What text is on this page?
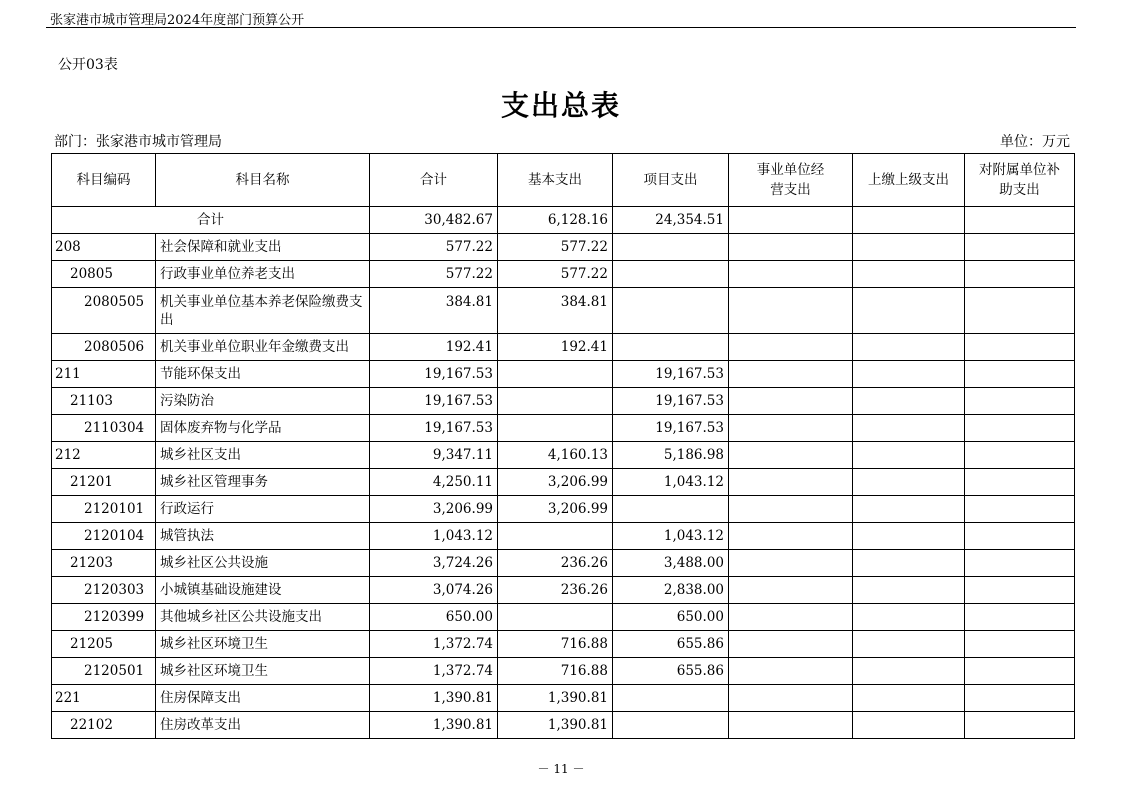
张家港市城市管理局2024年度部门预算公开
公开03表
支出总表
部门：张家港市城市管理局	单位：万元
科目编码	科目名称	合计	基本支出	项目支出	事业单位经营支出	上缴上级支出	对附属单位补助支出
合计		30,482.67	6,128.16	24,354.51			
208	社会保障和就业支出	577.22	577.22				
20805	行政事业单位养老支出	577.22	577.22				
2080505	机关事业单位基本养老保险缴费支出	384.81	384.81				
2080506	机关事业单位职业年金缴费支出	192.41	192.41				
211	节能环保支出	19,167.53		19,167.53			
21103	污染防治	19,167.53		19,167.53			
2110304	固体废弃物与化学品	19,167.53		19,167.53			
212	城乡社区支出	9,347.11	4,160.13	5,186.98			
21201	城乡社区管理事务	4,250.11	3,206.99	1,043.12			
2120101	行政运行	3,206.99	3,206.99				
2120104	城管执法	1,043.12		1,043.12			
21203	城乡社区公共设施	3,724.26	236.26	3,488.00			
2120303	小城镇基础设施建设	3,074.26	236.26	2,838.00			
2120399	其他城乡社区公共设施支出	650.00		650.00			
21205	城乡社区环境卫生	1,372.74	716.88	655.86			
2120501	城乡社区环境卫生	1,372.74	716.88	655.86			
221	住房保障支出	1,390.81	1,390.81				
22102	住房改革支出	1,390.81	1,390.81				
－ 11 －
